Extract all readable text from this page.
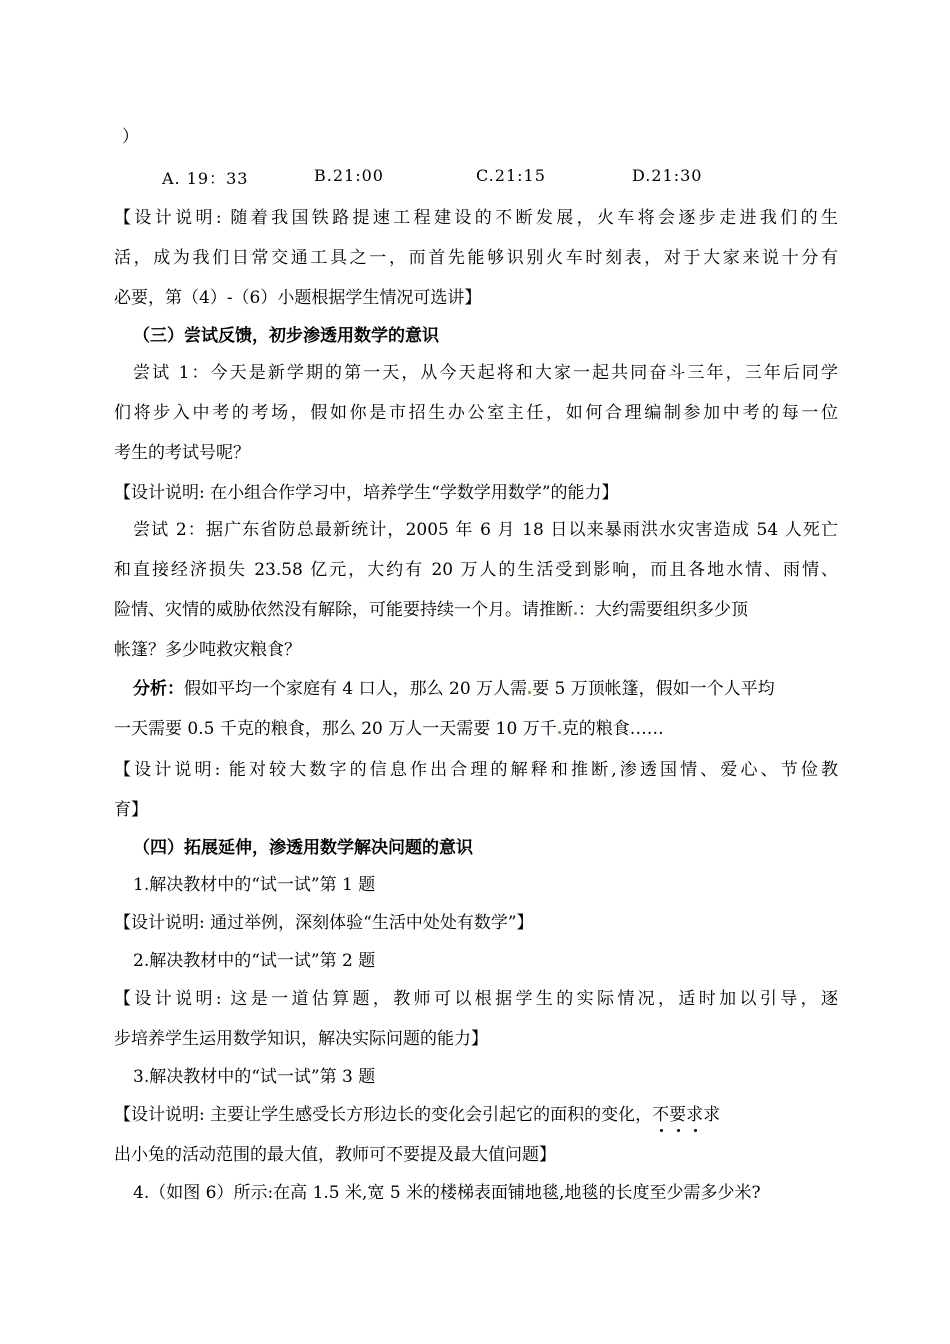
）
A. 19：33	B.21:00	C.21:15	D.21:30
【设计说明: 随着我国铁路提速工程建设的不断发展，火车将会逐步走进我们的生
活，成为我们日常交通工具之一，而首先能够识别火车时刻表，对于大家来说十分有
必要，第（4）-（6）小题根据学生情况可选讲】
（三）尝试反馈，初步渗透用数学的意识
尝试 1：今天是新学期的第一天，从今天起将和大家一起共同奋斗三年，三年后同学
们将步入中考的考场，假如你是市招生办公室主任，如何合理编制参加中考的每一位
考生的考试号呢？
【设计说明: 在小组合作学习中，培养学生“学数学用数学”的能力】
尝试 2：据广东省防总最新统计，2005 年 6 月 18 日以来暴雨洪水灾害造成 54 人死亡
和直接经济损失 23.58 亿元，大约有 20 万人的生活受到影响，而且各地水情、雨情、
险情、灾情的威胁依然没有解除，可能要持续一个月。请推断 ：大约需要组织多少顶
帐篷？多少吨救灾粮食？
分析：假如平均一个家庭有 4 口人，那么 20 万人需 要 5 万顶帐篷，假如一个人平均
一天需要 0.5 千克的粮食，那么 20 万人一天需要 10 万千 克的粮食……
【设计说明: 能对较大数字的信息作出合理的解释和推断,渗透国情、爱心、节俭教
育】
（四）拓展延伸，渗透用数学解决问题的意识
1.解决教材中的“试一试”第 1 题
【设计说明: 通过举例，深刻体验“生活中处处有数学”】
2.解决教材中的“试一试”第 2 题
【设计说明: 这是一道估算题，教师可以根据学生的实际情况，适时加以引导，逐
步培养学生运用数学知识，解决实际问题的能力】
3.解决教材中的“试一试”第 3 题
【设计说明: 主要让学生感受长方形边长的变化会引起它的面积的变化，不要求求
出小兔的活动范围的最大值，教师可不要提及最大值问题】
4.（如图 6）所示:在高 1.5 米,宽 5 米的楼梯表面铺地毯,地毯的长度至少需多少米?
